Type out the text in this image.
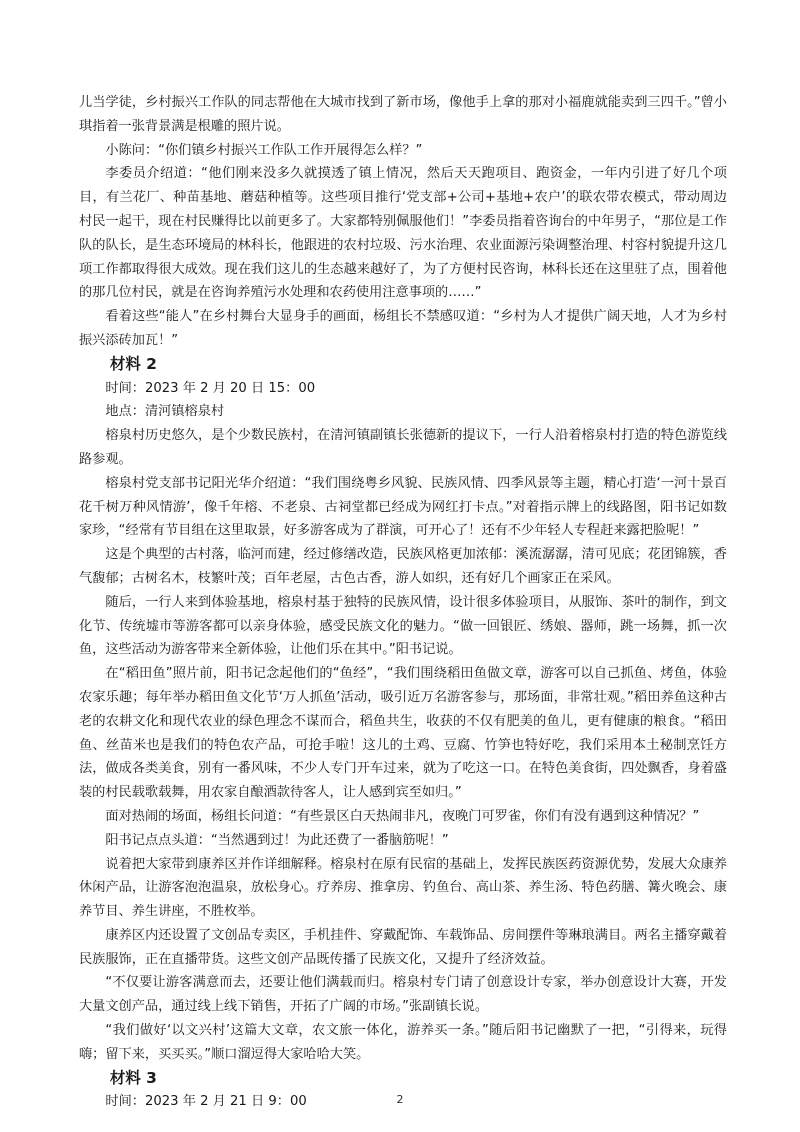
儿当学徒，乡村振兴工作队的同志帮他在大城市找到了新市场，像他手上拿的那对小福鹿就能卖到三四千。”曾小琪指着一张背景满是根雕的照片说。

小陈问：“你们镇乡村振兴工作队工作开展得怎么样？”

李委员介绍道：“他们刚来没多久就摸透了镇上情况，然后天天跑项目、跑资金，一年内引进了好几个项目，有兰花厂、种苗基地、蘑菇种植等。这些项目推行‘党支部+公司+基地+农户’的联农带农模式，带动周边村民一起干，现在村民赚得比以前更多了。大家都特别佩服他们！”李委员指着咨询台的中年男子，“那位是工作队的队长，是生态环境局的林科长，他跟进的农村垃圾、污水治理、农业面源污染调整治理、村容村貌提升这几项工作都取得很大成效。现在我们这儿的生态越来越好了，为了方便村民咨询，林科长还在这里驻了点，围着他的那几位村民，就是在咨询养殖污水处理和农药使用注意事项的……”

看着这些“能人”在乡村舞台大显身手的画面，杨组长不禁感叹道：“乡村为人才提供广阔天地，人才为乡村振兴添砖加瓦！”

材料 2

时间：2023 年 2 月 20 日 15：00

地点：清河镇榕泉村

榕泉村历史悠久，是个少数民族村，在清河镇副镇长张德新的提议下，一行人沿着榕泉村打造的特色游览线路参观。

榕泉村党支部书记阳光华介绍道：“我们围绕粤乡风貌、民族风情、四季风景等主题，精心打造‘一河十景百花千树万种风情游’，像千年榕、不老泉、古祠堂都已经成为网红打卡点。”对着指示牌上的线路图，阳书记如数家珍，“经常有节目组在这里取景，好多游客成为了群演，可开心了！还有不少年轻人专程赶来露把脸呢！”

这是个典型的古村落，临河而建，经过修缮改造，民族风格更加浓郁：溪流潺潺，清可见底；花团锦簇，香气馥郁；古树名木，枝繁叶茂；百年老屋，古色古香，游人如织，还有好几个画家正在采风。

随后，一行人来到体验基地，榕泉村基于独特的民族风情，设计很多体验项目，从服饰、茶叶的制作，到文化节、传统墟市等游客都可以亲身体验，感受民族文化的魅力。“做一回银匠、绣娘、器师，跳一场舞，抓一次鱼，这些活动为游客带来全新体验，让他们乐在其中。”阳书记说。

在“稻田鱼”照片前，阳书记念起他们的“鱼经”，“我们围绕稻田鱼做文章，游客可以自己抓鱼、烤鱼，体验农家乐趣；每年举办稻田鱼文化节‘万人抓鱼’活动，吸引近万名游客参与，那场面，非常壮观。”稻田养鱼这种古老的农耕文化和现代农业的绿色理念不谋而合，稻鱼共生，收获的不仅有肥美的鱼儿，更有健康的粮食。“稻田鱼、丝苗米也是我们的特色农产品，可抢手啦！这儿的土鸡、豆腐、竹笋也特好吃，我们采用本土秘制烹饪方法，做成各类美食，别有一番风味，不少人专门开车过来，就为了吃这一口。在特色美食街，四处飘香，身着盛装的村民载歌载舞，用农家自酿酒款待客人，让人感到宾至如归。”

面对热闹的场面，杨组长问道：“有些景区白天热闹非凡，夜晚门可罗雀，你们有没有遇到这种情况？”

阳书记点点头道：“当然遇到过！为此还费了一番脑筋呢！”

说着把大家带到康养区并作详细解释。榕泉村在原有民宿的基础上，发挥民族医药资源优势，发展大众康养休闲产品，让游客泡泡温泉，放松身心。疗养房、推拿房、钓鱼台、高山茶、养生汤、特色药膳、篝火晚会、康养节目、养生讲座，不胜枚举。

康养区内还设置了文创品专卖区，手机挂件、穿戴配饰、车载饰品、房间摆件等琳琅满目。两名主播穿戴着民族服饰，正在直播带货。这些文创产品既传播了民族文化，又提升了经济效益。

“不仅要让游客满意而去，还要让他们满载而归。榕泉村专门请了创意设计专家，举办创意设计大赛，开发大量文创产品，通过线上线下销售，开拓了广阔的市场。”张副镇长说。

“我们做好‘以文兴村’这篇大文章，农文旅一体化，游养买一条。”随后阳书记幽默了一把，“引得来，玩得嗨；留下来，买买买。”顺口溜逗得大家哈哈大笑。

材料 3

时间：2023 年 2 月 21 日 9：00	2
